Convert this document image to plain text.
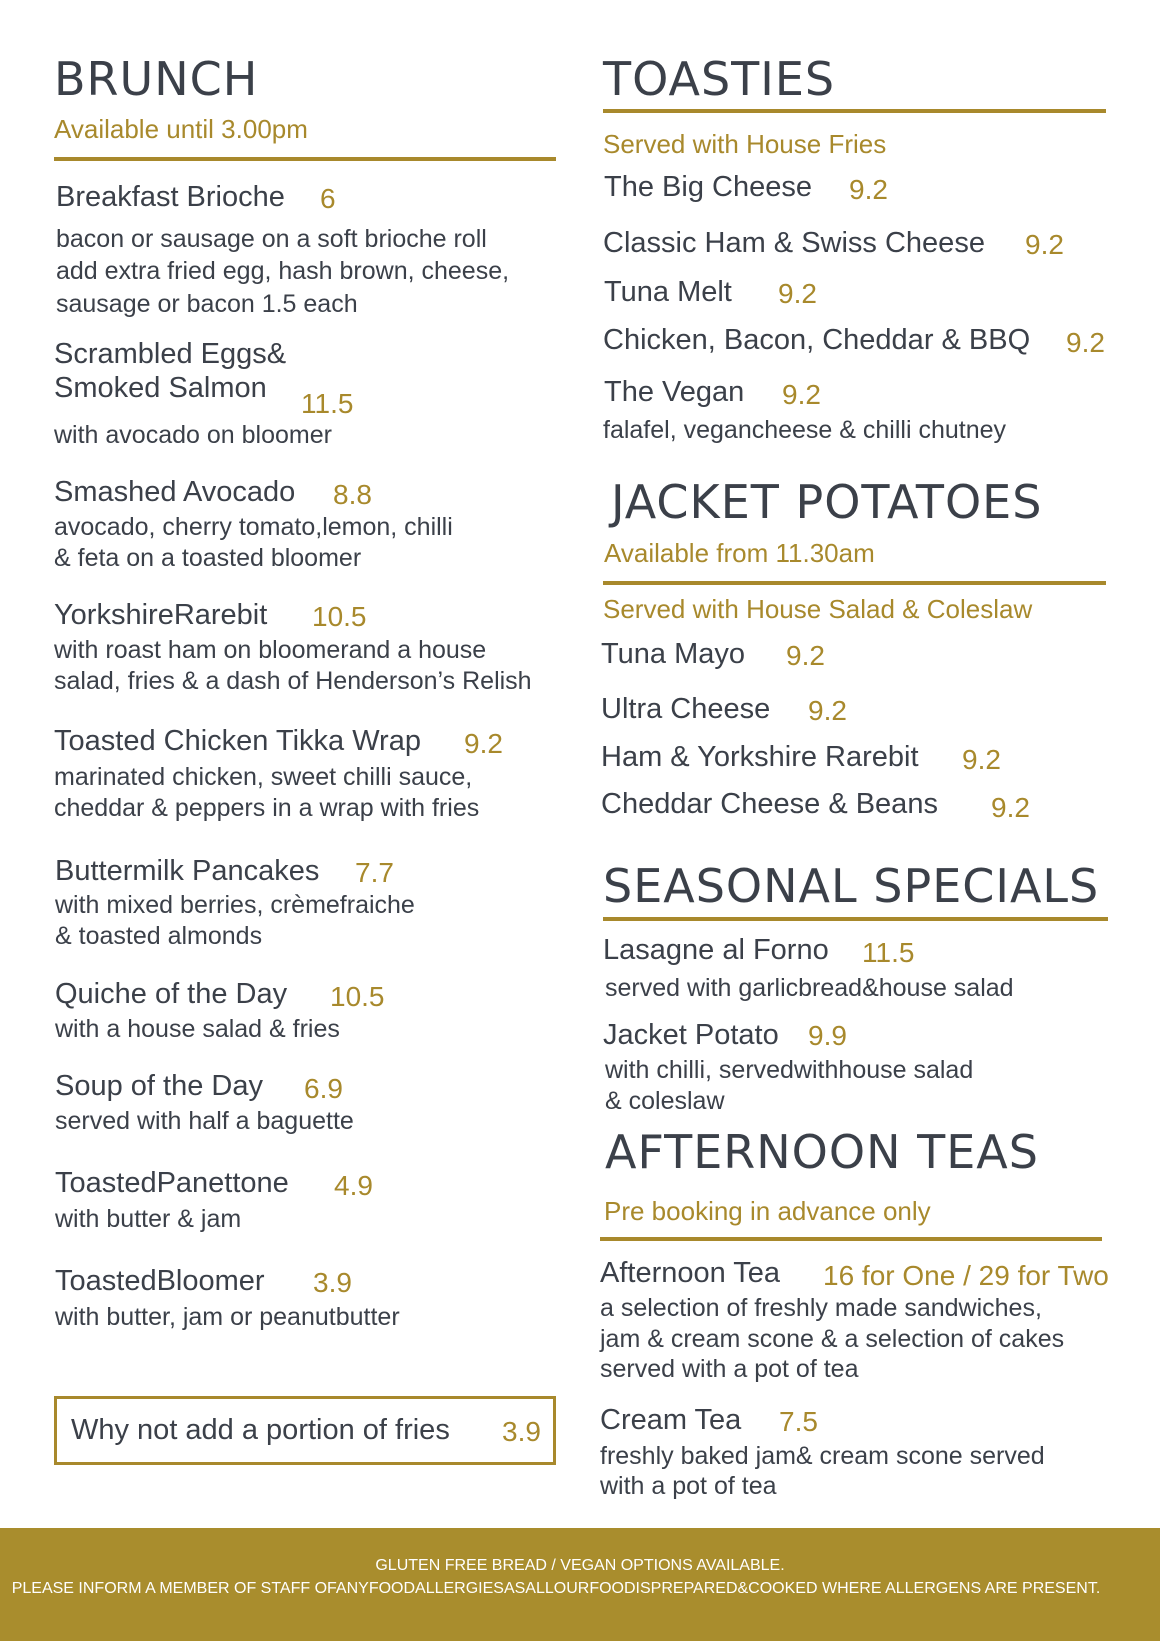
BRUNCH
Available until 3.00pm
Breakfast Brioche 6
bacon or sausage on a soft brioche roll
add extra fried egg, hash brown, cheese,
sausage or bacon 1.5 each
Scrambled Eggs&
Smoked Salmon 11.5
with avocado on bloomer
Smashed Avocado 8.8
avocado, cherry tomato,lemon, chilli
& feta on a toasted bloomer
YorkshireRarebit 10.5
with roast ham on bloomerand a house
salad, fries & a dash of Henderson’s Relish
Toasted Chicken Tikka Wrap 9.2
marinated chicken, sweet chilli sauce,
cheddar & peppers in a wrap with fries
Buttermilk Pancakes 7.7
with mixed berries, crèmefraiche
& toasted almonds
Quiche of the Day 10.5
with a house salad & fries
Soup of the Day 6.9
served with half a baguette
ToastedPanettone 4.9
with butter & jam
ToastedBloomer 3.9
with butter, jam or peanutbutter
Why not add a portion of fries 3.9
TOASTIES
Served with House Fries
The Big Cheese 9.2
Classic Ham & Swiss Cheese 9.2
Tuna Melt 9.2
Chicken, Bacon, Cheddar & BBQ 9.2
The Vegan 9.2
falafel, vegancheese & chilli chutney
JACKET POTATOES
Available from 11.30am
Served with House Salad & Coleslaw
Tuna Mayo 9.2
Ultra Cheese 9.2
Ham & Yorkshire Rarebit 9.2
Cheddar Cheese & Beans 9.2
SEASONAL SPECIALS
Lasagne al Forno 11.5
served with garlicbread&house salad
Jacket Potato 9.9
with chilli, servedwithhouse salad
& coleslaw
AFTERNOON TEAS
Pre booking in advance only
Afternoon Tea 16 for One / 29 for Two
a selection of freshly made sandwiches,
jam & cream scone & a selection of cakes
served with a pot of tea
Cream Tea 7.5
freshly baked jam& cream scone served
with a pot of tea
GLUTEN FREE BREAD / VEGAN OPTIONS AVAILABLE.
PLEASE INFORM A MEMBER OF STAFF OFANYFOODALLERGIESASALLOURFOODISPREPARED&COOKED WHERE ALLERGENS ARE PRESENT.
